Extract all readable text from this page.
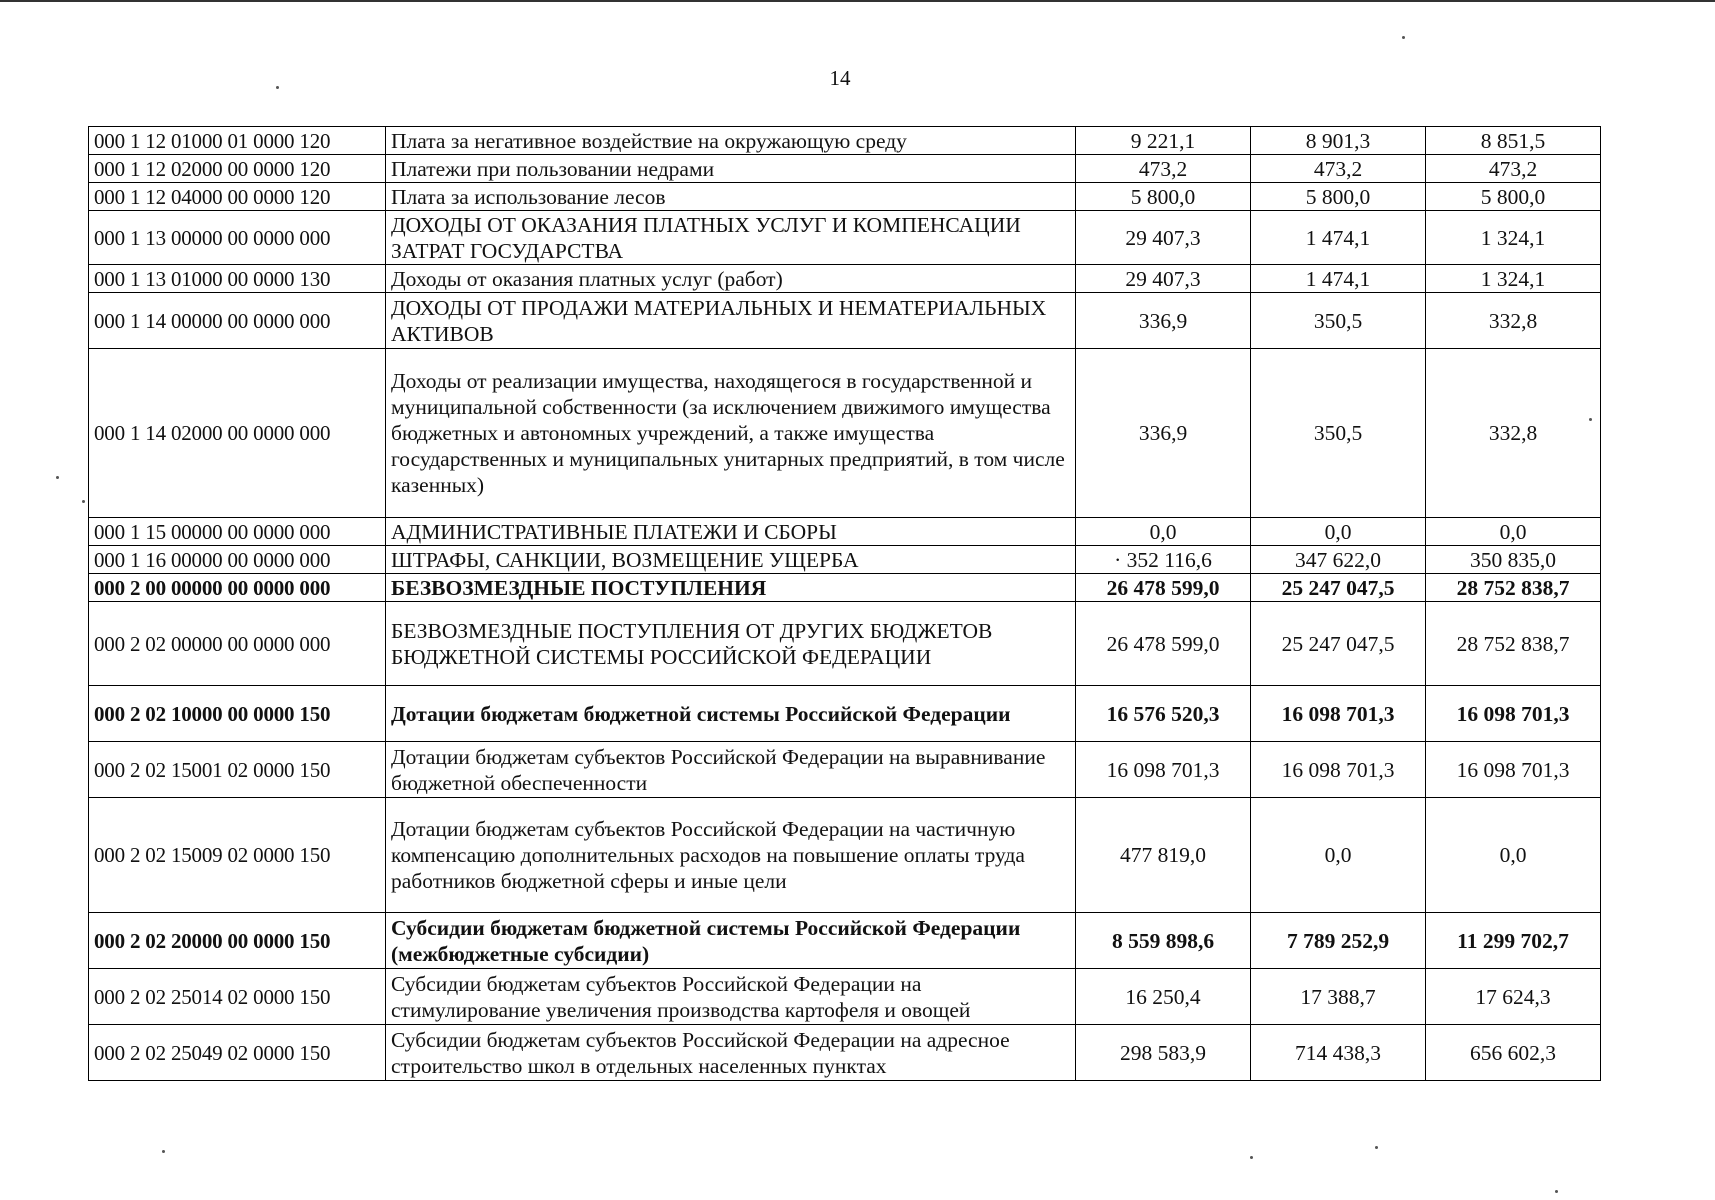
14
000 1 12 01000 01 0000 120	Плата за негативное воздействие на окружающую среду	9 221,1	8 901,3	8 851,5
000 1 12 02000 00 0000 120	Платежи при пользовании недрами	473,2	473,2	473,2
000 1 12 04000 00 0000 120	Плата за использование лесов	5 800,0	5 800,0	5 800,0
000 1 13 00000 00 0000 000	ДОХОДЫ ОТ ОКАЗАНИЯ ПЛАТНЫХ УСЛУГ И КОМПЕНСАЦИИ ЗАТРАТ ГОСУДАРСТВА	29 407,3	1 474,1	1 324,1
000 1 13 01000 00 0000 130	Доходы от оказания платных услуг (работ)	29 407,3	1 474,1	1 324,1
000 1 14 00000 00 0000 000	ДОХОДЫ ОТ ПРОДАЖИ МАТЕРИАЛЬНЫХ И НЕМАТЕРИАЛЬНЫХ АКТИВОВ	336,9	350,5	332,8
000 1 14 02000 00 0000 000	Доходы от реализации имущества, находящегося в государственной и муниципальной собственности (за исключением движимого имущества бюджетных и автономных учреждений, а также имущества государственных и муниципальных унитарных предприятий, в том числе казенных)	336,9	350,5	332,8
000 1 15 00000 00 0000 000	АДМИНИСТРАТИВНЫЕ ПЛАТЕЖИ И СБОРЫ	0,0	0,0	0,0
000 1 16 00000 00 0000 000	ШТРАФЫ, САНКЦИИ, ВОЗМЕЩЕНИЕ УЩЕРБА	· 352 116,6	347 622,0	350 835,0
000 2 00 00000 00 0000 000	БЕЗВОЗМЕЗДНЫЕ ПОСТУПЛЕНИЯ	26 478 599,0	25 247 047,5	28 752 838,7
000 2 02 00000 00 0000 000	БЕЗВОЗМЕЗДНЫЕ ПОСТУПЛЕНИЯ ОТ ДРУГИХ БЮДЖЕТОВ БЮДЖЕТНОЙ СИСТЕМЫ РОССИЙСКОЙ ФЕДЕРАЦИИ	26 478 599,0	25 247 047,5	28 752 838,7
000 2 02 10000 00 0000 150	Дотации бюджетам бюджетной системы Российской Федерации	16 576 520,3	16 098 701,3	16 098 701,3
000 2 02 15001 02 0000 150	Дотации бюджетам субъектов Российской Федерации на выравнивание бюджетной обеспеченности	16 098 701,3	16 098 701,3	16 098 701,3
000 2 02 15009 02 0000 150	Дотации бюджетам субъектов Российской Федерации на частичную компенсацию дополнительных расходов на повышение оплаты труда работников бюджетной сферы и иные цели	477 819,0	0,0	0,0
000 2 02 20000 00 0000 150	Субсидии бюджетам бюджетной системы Российской Федерации (межбюджетные субсидии)	8 559 898,6	7 789 252,9	11 299 702,7
000 2 02 25014 02 0000 150	Субсидии бюджетам субъектов Российской Федерации на стимулирование увеличения производства картофеля и овощей	16 250,4	17 388,7	17 624,3
000 2 02 25049 02 0000 150	Субсидии бюджетам субъектов Российской Федерации на адресное строительство школ в отдельных населенных пунктах	298 583,9	714 438,3	656 602,3
